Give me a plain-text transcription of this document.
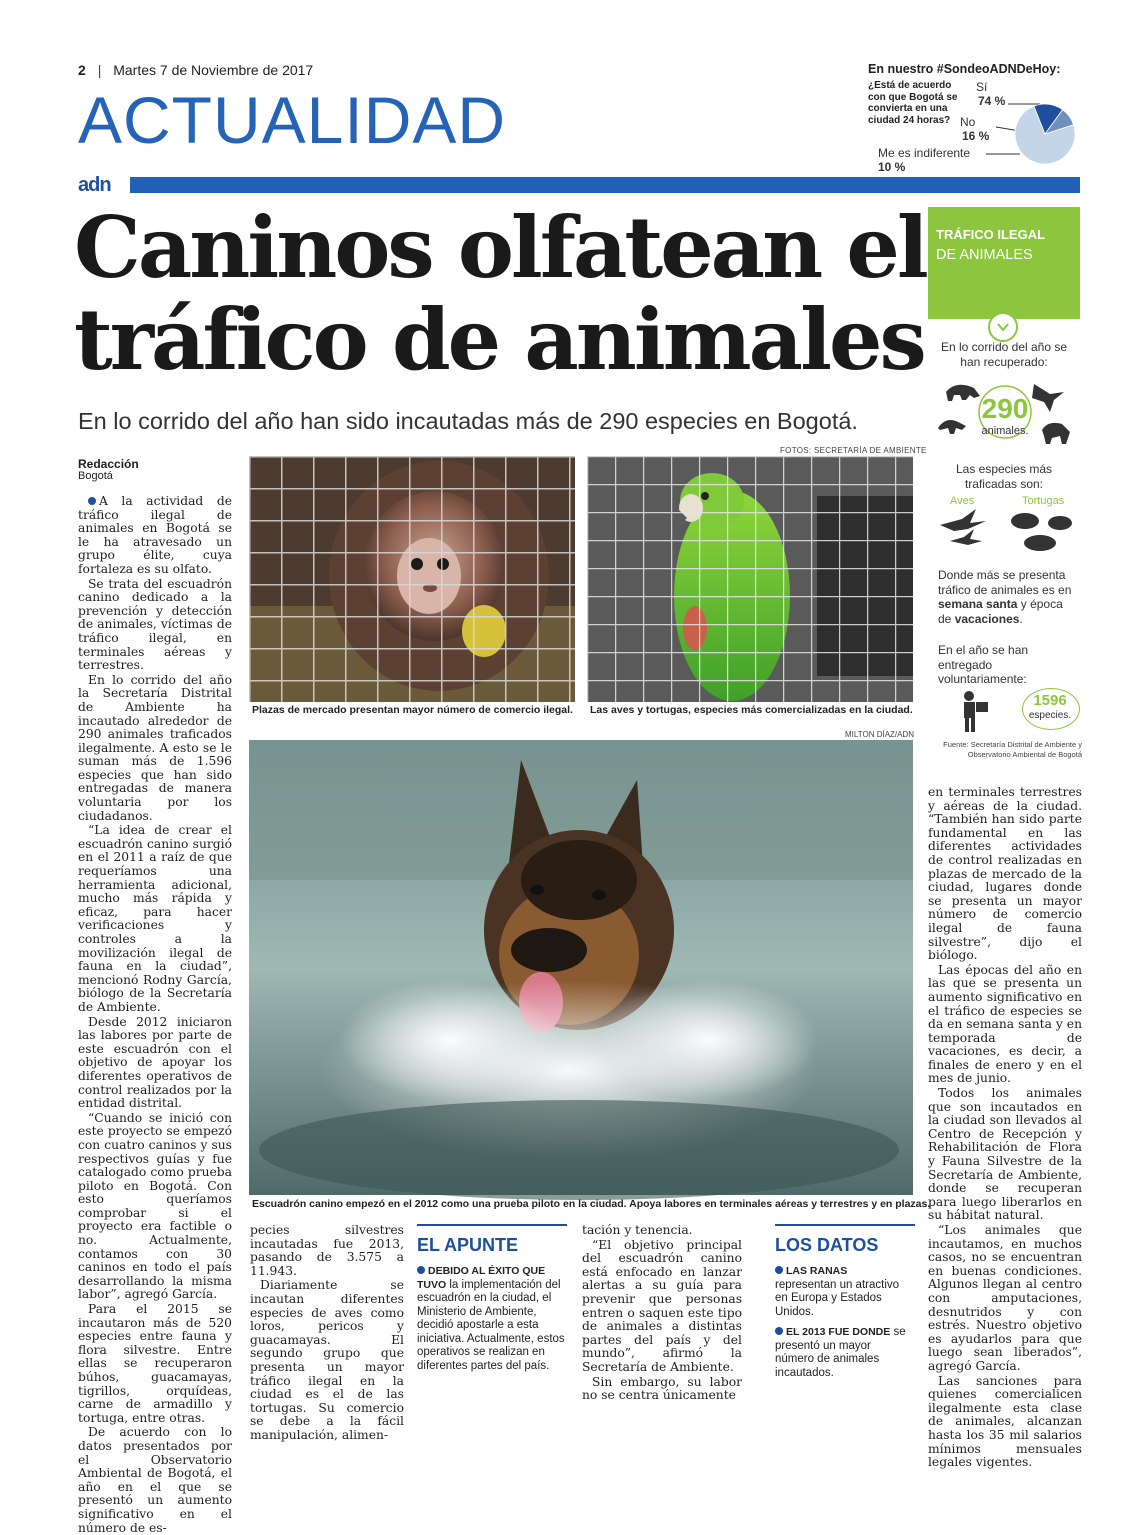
2 | Martes 7 de Noviembre de 2017
ACTUALIDAD
En nuestro #SondeoADNDeHoy:
¿Está de acuerdo con que Bogotá se convierta en una ciudad 24 horas?
Sí
74 %
No
16 %
Me es indiferente
10 %
adn
Caninos olfatean el
tráfico de animales
En lo corrido del año han sido incautadas más de 290 especies en Bogotá.
Redacción
Bogotá

A la actividad de tráfico ilegal de animales en Bogotá se le ha atravesado un grupo élite, cuya fortaleza es su olfato.

Se trata del escuadrón canino dedicado a la prevención y detección de animales, víctimas de tráfico ilegal, en terminales aéreas y terrestres.

En lo corrido del año la Secretaría Distrital de Ambiente ha incautado alrededor de 290 animales traficados ilegalmente. A esto se le suman más de 1.596 especies que han sido entregadas de manera voluntaria por los ciudadanos.

“La idea de crear el escuadrón canino surgió en el 2011 a raíz de que requeríamos una herramienta adicional, mucho más rápida y eficaz, para hacer verificaciones y controles a la movilización ilegal de fauna en la ciudad”, mencionó Rodny García, biólogo de la Secretaría de Ambiente.

Desde 2012 iniciaron las labores por parte de este escuadrón con el objetivo de apoyar los diferentes operativos de control realizados por la entidad distrital.

“Cuando se inició con este proyecto se empezó con cuatro caninos y sus respectivos guías y fue catalogado como prueba piloto en Bogotá. Con esto queríamos comprobar si el proyecto era factible o no. Actualmente, contamos con 30 caninos en todo el país desarrollando la misma labor”, agregó García.

Para el 2015 se incautaron más de 520 especies entre fauna y flora silvestre. Entre ellas se recuperaron búhos, guacamayas, tigrillos, orquídeas, carne de armadillo y tortuga, entre otras.

De acuerdo con lo datos presentados por el Observatorio Ambiental de Bogotá, el año en el que se presentó un aumento significativo en el número de es-

FOTOS: SECRETARÍA DE AMBIENTE
Plazas de mercado presentan mayor número de comercio ilegal. Las aves y tortugas, especies más comercializadas en la ciudad.
MILTON DÍAZ/ADN
Escuadrón canino empezó en el 2012 como una prueba piloto en la ciudad. Apoya labores en terminales aéreas y terrestres y en plazas.

pecies silvestres incautadas fue 2013, pasando de 3.575 a 11.943.

Diariamente se incautan diferentes especies de aves como loros, pericos y guacamayas. El segundo grupo que presenta un mayor tráfico ilegal en la ciudad es el de las tortugas. Su comercio se debe a la fácil manipulación, alimen-

EL APUNTE
DEBIDO AL ÉXITO QUE TUVO la implementación del escuadrón en la ciudad, el Ministerio de Ambiente, decidió apostarle a esta iniciativa. Actualmente, estos operativos se realizan en diferentes partes del país.

tación y tenencia.

“El objetivo principal del escuadrón canino está enfocado en lanzar alertas a su guía para prevenir que personas entren o saquen este tipo de animales a distintas partes del país y del mundo”, afirmó la Secretaría de Ambiente.

Sin embargo, su labor no se centra únicamente

LOS DATOS
LAS RANAS representan un atractivo en Europa y Estados Unidos.
EL 2013 FUE DONDE se presentó un mayor número de animales incautados.

en terminales terrestres y aéreas de la ciudad. “También han sido parte fundamental en las diferentes actividades de control realizadas en plazas de mercado de la ciudad, lugares donde se presenta un mayor número de comercio ilegal de fauna silvestre”, dijo el biólogo.

Las épocas del año en las que se presenta un aumento significativo en el tráfico de especies se da en semana santa y en temporada de vacaciones, es decir, a finales de enero y en el mes de junio.

Todos los animales que son incautados en la ciudad son llevados al Centro de Recepción y Rehabilitación de Flora y Fauna Silvestre de la Secretaría de Ambiente, donde se recuperan para luego liberarlos en su hábitat natural.

“Los animales que incautamos, en muchos casos, no se encuentran en buenas condiciones. Algunos llegan al centro con amputaciones, desnutridos y con estrés. Nuestro objetivo es ayudarlos para que luego sean liberados”, agregó García.

Las sanciones para quienes comercialicen ilegalmente esta clase de animales, alcanzan hasta los 35 mil salarios mínimos mensuales legales vigentes.

TRÁFICO ILEGAL
DE ANIMALES
En lo corrido del año se han recuperado:
290
animales.
Las especies más traficadas son:
Aves	Tortugas
Donde más se presenta tráfico de animales es en semana santa y época de vacaciones.
En el año se han entregado voluntariamente:
1596
especies.
Fuente: Secretaría Distrital de Ambiente y Observatorio Ambiental de Bogotá
